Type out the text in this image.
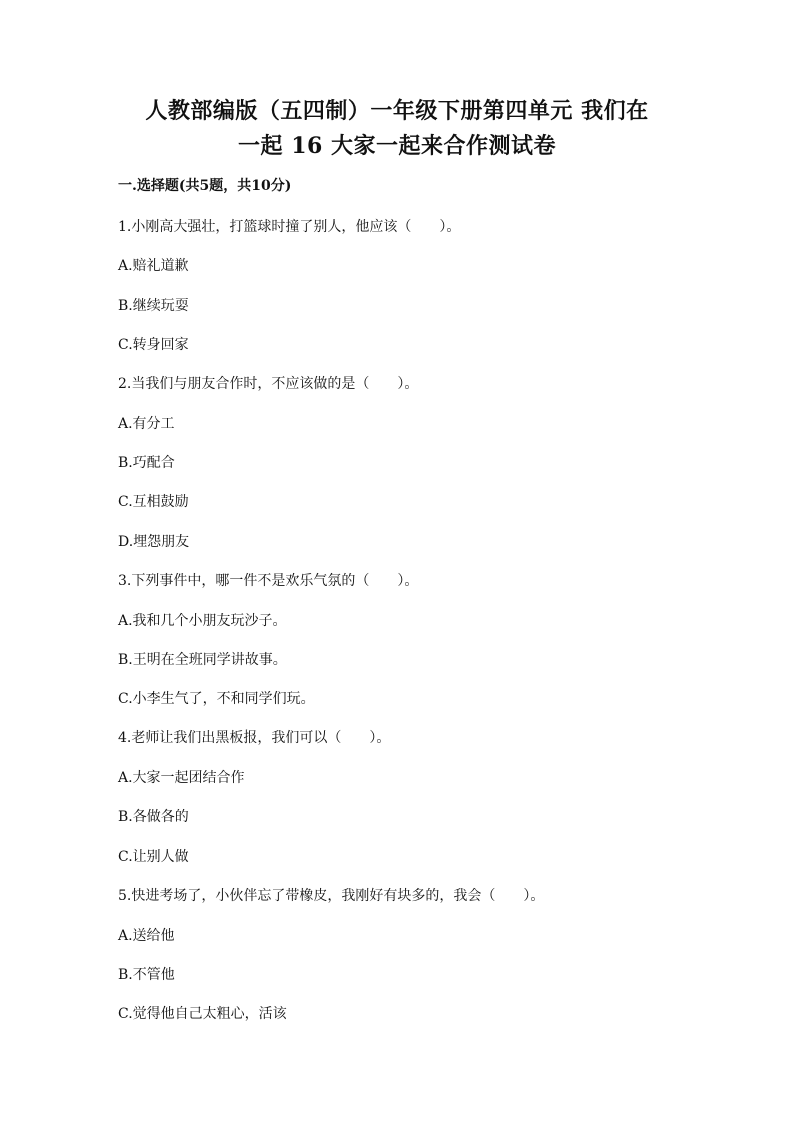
人教部编版（五四制）一年级下册第四单元 我们在
一起 16 大家一起来合作测试卷
一.选择题(共5题，共10分)
1.小刚高大强壮，打篮球时撞了别人，他应该（　　）。
A.赔礼道歉
B.继续玩耍
C.转身回家
2.当我们与朋友合作时，不应该做的是（　　）。
A.有分工
B.巧配合
C.互相鼓励
D.埋怨朋友
3.下列事件中，哪一件不是欢乐气氛的（　　）。
A.我和几个小朋友玩沙子。
B.王明在全班同学讲故事。
C.小李生气了，不和同学们玩。
4.老师让我们出黑板报，我们可以（　　）。
A.大家一起团结合作
B.各做各的
C.让别人做
5.快进考场了，小伙伴忘了带橡皮，我刚好有块多的，我会（　　）。
A.送给他
B.不管他
C.觉得他自己太粗心，活该
